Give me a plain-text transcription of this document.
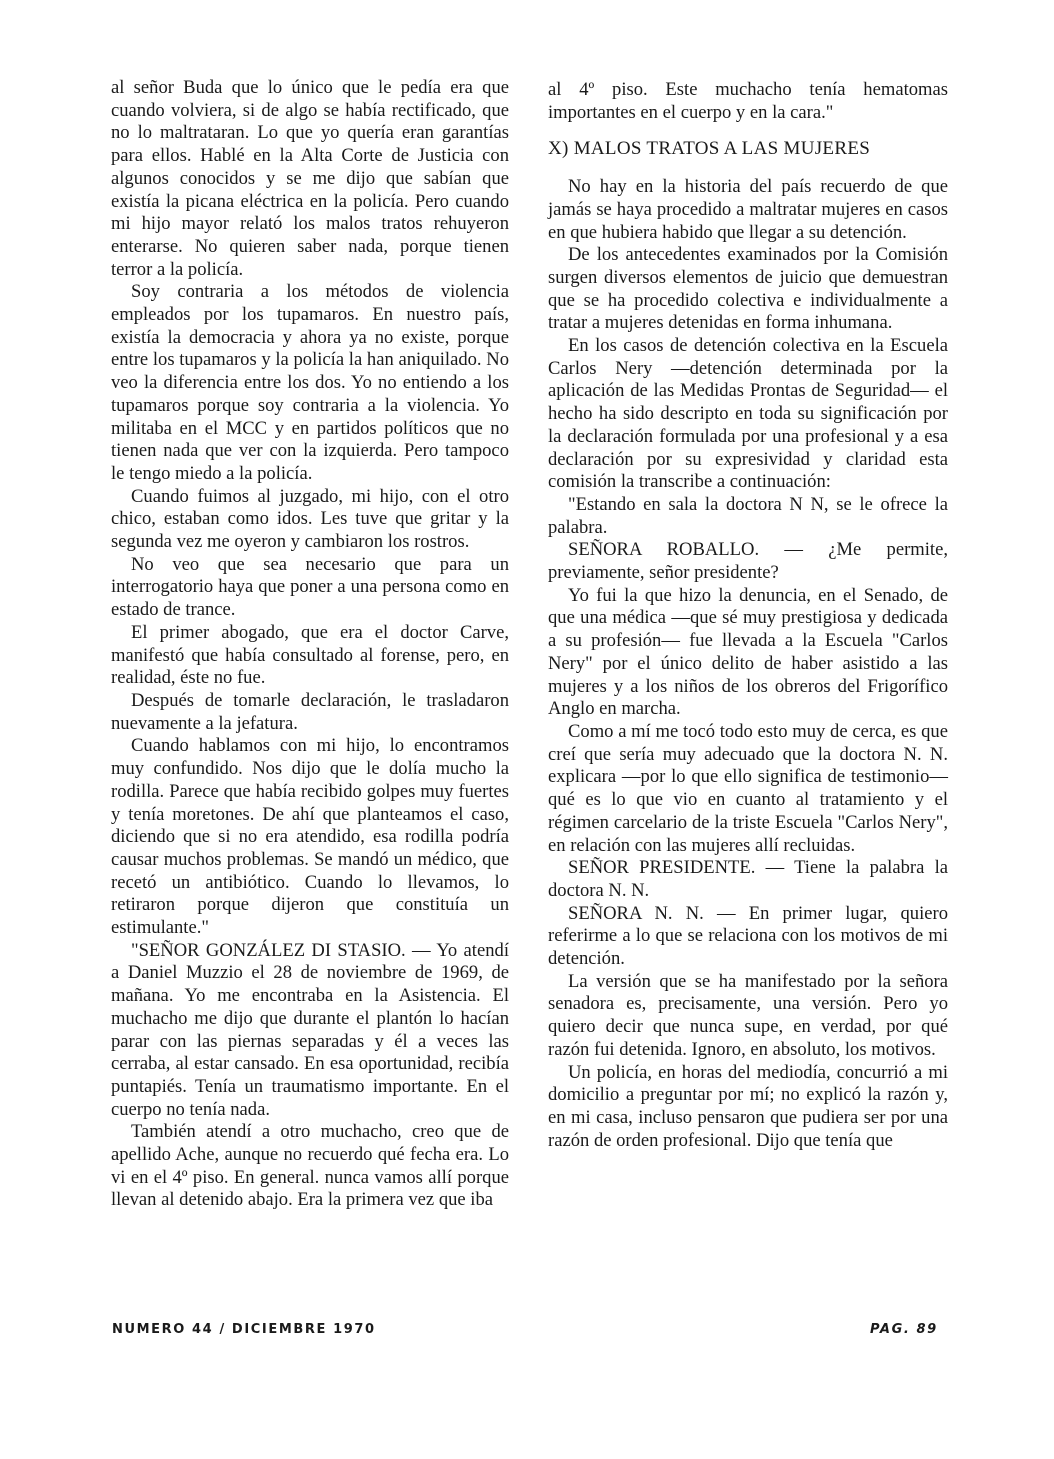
al señor Buda que lo único que le pedía era que cuando volviera, si de algo se había rectificado, que no lo maltrataran. Lo que yo quería eran garantías para ellos. Hablé en la Alta Corte de Justicia con algunos conocidos y se me dijo que sabían que existía la picana eléctrica en la policía. Pero cuando mi hijo mayor relató los malos tratos rehuyeron enterarse. No quieren saber nada, porque tienen terror a la policía.

Soy contraria a los métodos de violencia empleados por los tupamaros. En nuestro país, existía la democracia y ahora ya no existe, porque entre los tupamaros y la policía la han aniquilado. No veo la diferencia entre los dos. Yo no entiendo a los tupamaros porque soy contraria a la violencia. Yo militaba en el MCC y en partidos políticos que no tienen nada que ver con la izquierda. Pero tampoco le tengo miedo a la policía.

Cuando fuimos al juzgado, mi hijo, con el otro chico, estaban como idos. Les tuve que gritar y la segunda vez me oyeron y cambiaron los rostros.

No veo que sea necesario que para un interrogatorio haya que poner a una persona como en estado de trance.

El primer abogado, que era el doctor Carve, manifestó que había consultado al forense, pero, en realidad, éste no fue.

Después de tomarle declaración, le trasladaron nuevamente a la jefatura.

Cuando hablamos con mi hijo, lo encontramos muy confundido. Nos dijo que le dolía mucho la rodilla. Parece que había recibido golpes muy fuertes y tenía moretones. De ahí que planteamos el caso, diciendo que si no era atendido, esa rodilla podría causar muchos problemas. Se mandó un médico, que recetó un antibiótico. Cuando lo llevamos, lo retiraron porque dijeron que constituía un estimulante."

"SEÑOR GONZÁLEZ DI STASIO. — Yo atendí a Daniel Muzzio el 28 de noviembre de 1969, de mañana. Yo me encontraba en la Asistencia. El muchacho me dijo que durante el plantón lo hacían parar con las piernas separadas y él a veces las cerraba, al estar cansado. En esa oportunidad, recibía puntapiés. Tenía un traumatismo importante. En el cuerpo no tenía nada.

También atendí a otro muchacho, creo que de apellido Ache, aunque no recuerdo qué fecha era. Lo vi en el 4º piso. En general. nunca vamos allí porque llevan al detenido abajo. Era la primera vez que iba

al 4º piso. Este muchacho tenía hematomas importantes en el cuerpo y en la cara."

X) MALOS TRATOS A LAS MUJERES

No hay en la historia del país recuerdo de que jamás se haya procedido a maltratar mujeres en casos en que hubiera habido que llegar a su detención.

De los antecedentes examinados por la Comisión surgen diversos elementos de juicio que demuestran que se ha procedido colectiva e individualmente a tratar a mujeres detenidas en forma inhumana.

En los casos de detención colectiva en la Escuela Carlos Nery —detención determinada por la aplicación de las Medidas Prontas de Seguridad— el hecho ha sido descripto en toda su significación por la declaración formulada por una profesional y a esa declaración por su expresividad y claridad esta comisión la transcribe a continuación:

"Estando en sala la doctora N N, se le ofrece la palabra.

SEÑORA ROBALLO. — ¿Me permite, previamente, señor presidente?

Yo fui la que hizo la denuncia, en el Senado, de que una médica —que sé muy prestigiosa y dedicada a su profesión— fue llevada a la Escuela "Carlos Nery" por el único delito de haber asistido a las mujeres y a los niños de los obreros del Frigorífico Anglo en marcha.

Como a mí me tocó todo esto muy de cerca, es que creí que sería muy adecuado que la doctora N. N. explicara —por lo que ello significa de testimonio— qué es lo que vio en cuanto al tratamiento y el régimen carcelario de la triste Escuela "Carlos Nery", en relación con las mujeres allí recluidas.

SEÑOR PRESIDENTE. — Tiene la palabra la doctora N. N.

SEÑORA N. N. — En primer lugar, quiero referirme a lo que se relaciona con los motivos de mi detención.

La versión que se ha manifestado por la señora senadora es, precisamente, una versión. Pero yo quiero decir que nunca supe, en verdad, por qué razón fui detenida. Ignoro, en absoluto, los motivos.

Un policía, en horas del mediodía, concurrió a mi domicilio a preguntar por mí; no explicó la razón y, en mi casa, incluso pensaron que pudiera ser por una razón de orden profesional. Dijo que tenía que

NUMERO 44 / DICIEMBRE 1970	PAG. 89
